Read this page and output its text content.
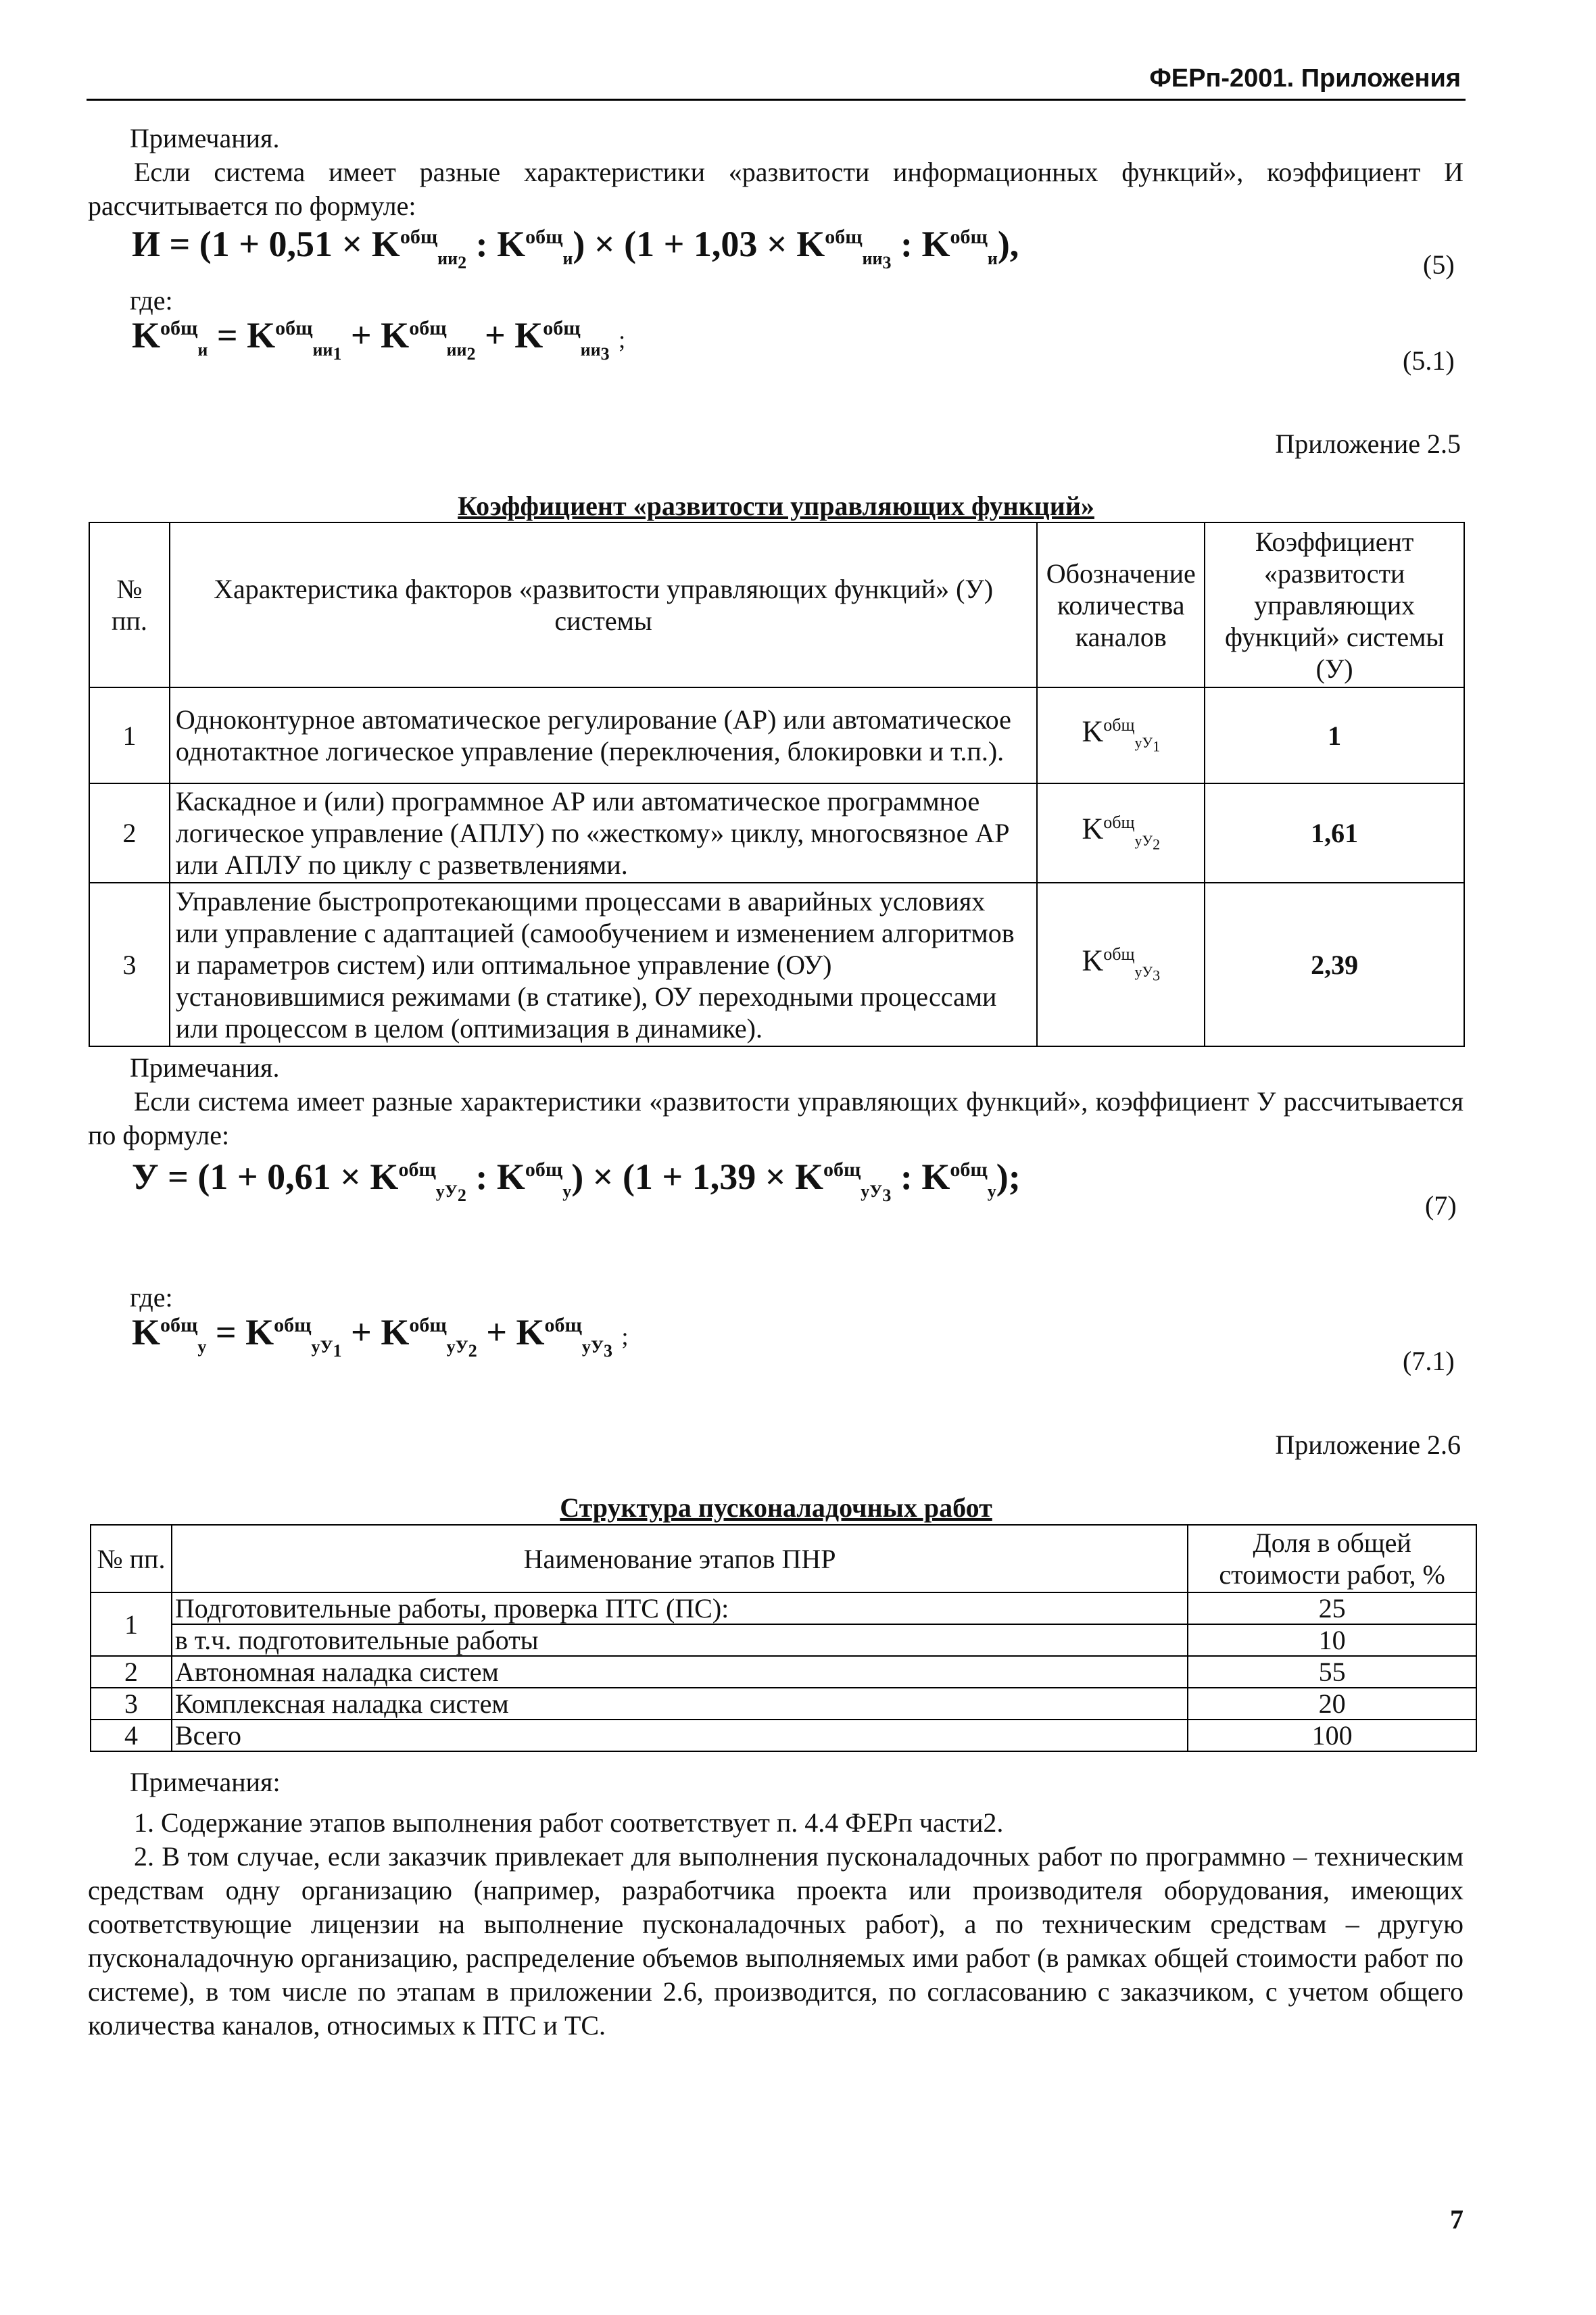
ФЕРп-2001. Приложения
Примечания.
Если система имеет разные характеристики «развитости информационных функций», коэффициент И рассчитывается по формуле:
$И = (1 + 0,51 \times K^{общ}_{ии_2}$ : $K^{общ}_и) \times (1 + 1,03 \times K^{общ}_{ии_3}$ : $K^{общ}_и$),
(5)
где:
$K^{общ}_и = K^{общ}_{ии_1} + K^{общ}_{ии_2} + K^{общ}_{ии_3}$ ;
(5.1)
Приложение 2.5
Коэффициент «развитости управляющих функций»
№ пп.	Характеристика факторов «развитости управляющих функций» (У) системы	Обозначение количества каналов	Коэффициент «развитости управляющих функций» системы (У)
1	Одноконтурное автоматическое регулирование (АР) или автоматическое однотактное логическое управление (переключения, блокировки и т.п.).	$K^{общ}_{уУ_1}$	1
2	Каскадное и (или) программное АР или автоматическое программное логическое управление (АПЛУ) по «жесткому» циклу, многосвязное АР или АПЛУ по циклу с разветвлениями.	$K^{общ}_{уУ_2}$	1,61
3	Управление быстропротекающими процессами в аварийных условиях или управление с адаптацией (самообучением и изменением алгоритмов и параметров систем) или оптимальное управление (ОУ) установившимися режимами (в статике), ОУ переходными процессами или процессом в целом (оптимизация в динамике).	$K^{общ}_{уУ_3}$	2,39
Примечания.
Если система имеет разные характеристики «развитости управляющих функций», коэффициент У рассчитывается по формуле:
$У = (1 + 0,61 \times K^{общ}_{уУ_2}$ : $K^{общ}_у) \times (1 + 1,39 \times K^{общ}_{уУ_3}$ : $K^{общ}_у$);
(7)
где:
$K^{общ}_у = K^{общ}_{уУ_1} + K^{общ}_{уУ_2} + K^{общ}_{уУ_3}$ ;
(7.1)
Приложение 2.6
Структура пусконаладочных работ
№ пп.	Наименование этапов ПНР	Доля в общей стоимости работ, %
1	Подготовительные работы, проверка ПТС (ПС):	25
	в т.ч. подготовительные работы	10
2	Автономная наладка систем	55
3	Комплексная наладка систем	20
4	Всего	100
Примечания:
1. Содержание этапов выполнения работ соответствует п. 4.4 ФЕРп части2.
2. В том случае, если заказчик привлекает для выполнения пусконаладочных работ по программно – техническим средствам одну организацию (например, разработчика проекта или производителя оборудования, имеющих соответствующие лицензии на выполнение пусконаладочных работ), а по техническим средствам – другую пусконаладочную организацию, распределение объемов выполняемых ими работ (в рамках общей стоимости работ по системе), в том числе по этапам в приложении 2.6, производится, по согласованию с заказчиком, с учетом общего количества каналов, относимых к ПТС и ТС.
7
